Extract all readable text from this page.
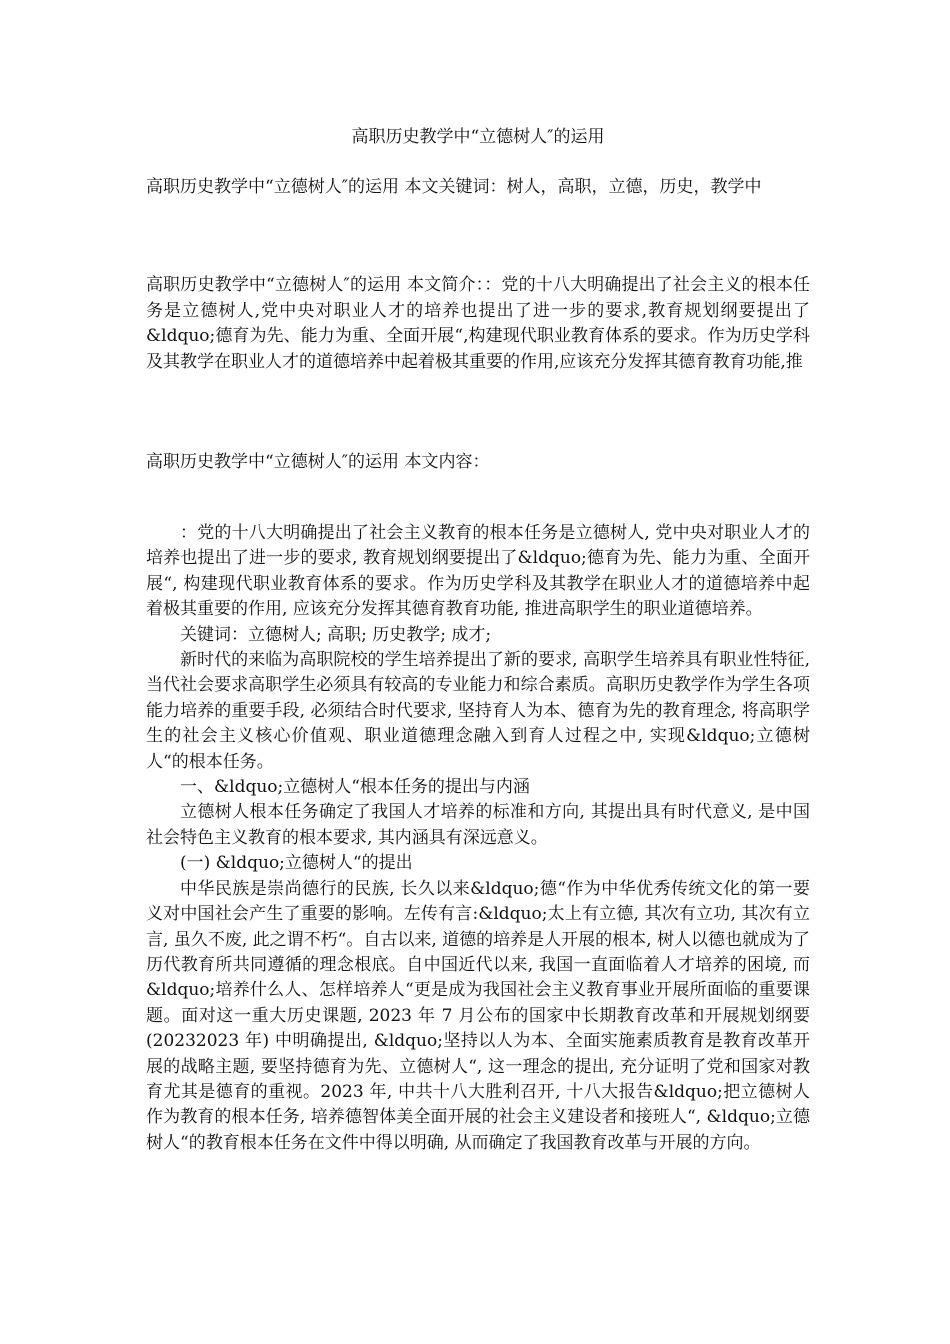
高职历史教学中“立德树人″的运用

高职历史教学中“立德树人″的运用 本文关键词：树人，高职，立德，历史，教学中

高职历史教学中“立德树人″的运用 本文简介：：党的十八大明确提出了社会主义的根本任务是立德树人,党中央对职业人才的培养也提出了进一步的要求,教育规划纲要提出了&ldquo;德育为先、能力为重、全面开展“,构建现代职业教育体系的要求。作为历史学科及其教学在职业人才的道德培养中起着极其重要的作用,应该充分发挥其德育教育功能,推

高职历史教学中“立德树人″的运用 本文内容：

：党的十八大明确提出了社会主义教育的根本任务是立德树人, 党中央对职业人才的培养也提出了进一步的要求, 教育规划纲要提出了&ldquo;德育为先、能力为重、全面开展“, 构建现代职业教育体系的要求。作为历史学科及其教学在职业人才的道德培养中起着极其重要的作用, 应该充分发挥其德育教育功能, 推进高职学生的职业道德培养。

关键词：立德树人; 高职; 历史教学; 成才;

新时代的来临为高职院校的学生培养提出了新的要求, 高职学生培养具有职业性特征, 当代社会要求高职学生必须具有较高的专业能力和综合素质。高职历史教学作为学生各项能力培养的重要手段, 必须结合时代要求, 坚持育人为本、德育为先的教育理念, 将高职学生的社会主义核心价值观、职业道德理念融入到育人过程之中, 实现&ldquo;立德树人“的根本任务。

一、&ldquo;立德树人“根本任务的提出与内涵

立德树人根本任务确定了我国人才培养的标准和方向, 其提出具有时代意义, 是中国社会特色主义教育的根本要求, 其内涵具有深远意义。

(一) &ldquo;立德树人“的提出

中华民族是崇尚德行的民族, 长久以来&ldquo;德“作为中华优秀传统文化的第一要义对中国社会产生了重要的影响。左传有言:&ldquo;太上有立德, 其次有立功, 其次有立言, 虽久不废, 此之谓不朽“。自古以来, 道德的培养是人开展的根本, 树人以德也就成为了历代教育所共同遵循的理念根底。自中国近代以来, 我国一直面临着人才培养的困境, 而&ldquo;培养什么人、怎样培养人“更是成为我国社会主义教育事业开展所面临的重要课题。面对这一重大历史课题, 2023 年 7 月公布的国家中长期教育改革和开展规划纲要 (20232023 年) 中明确提出, &ldquo;坚持以人为本、全面实施素质教育是教育改革开展的战略主题, 要坚持德育为先、立德树人“, 这一理念的提出, 充分证明了党和国家对教育尤其是德育的重视。2023 年, 中共十八大胜利召开, 十八大报告&ldquo;把立德树人作为教育的根本任务, 培养德智体美全面开展的社会主义建设者和接班人“, &ldquo;立德树人“的教育根本任务在文件中得以明确, 从而确定了我国教育改革与开展的方向。
